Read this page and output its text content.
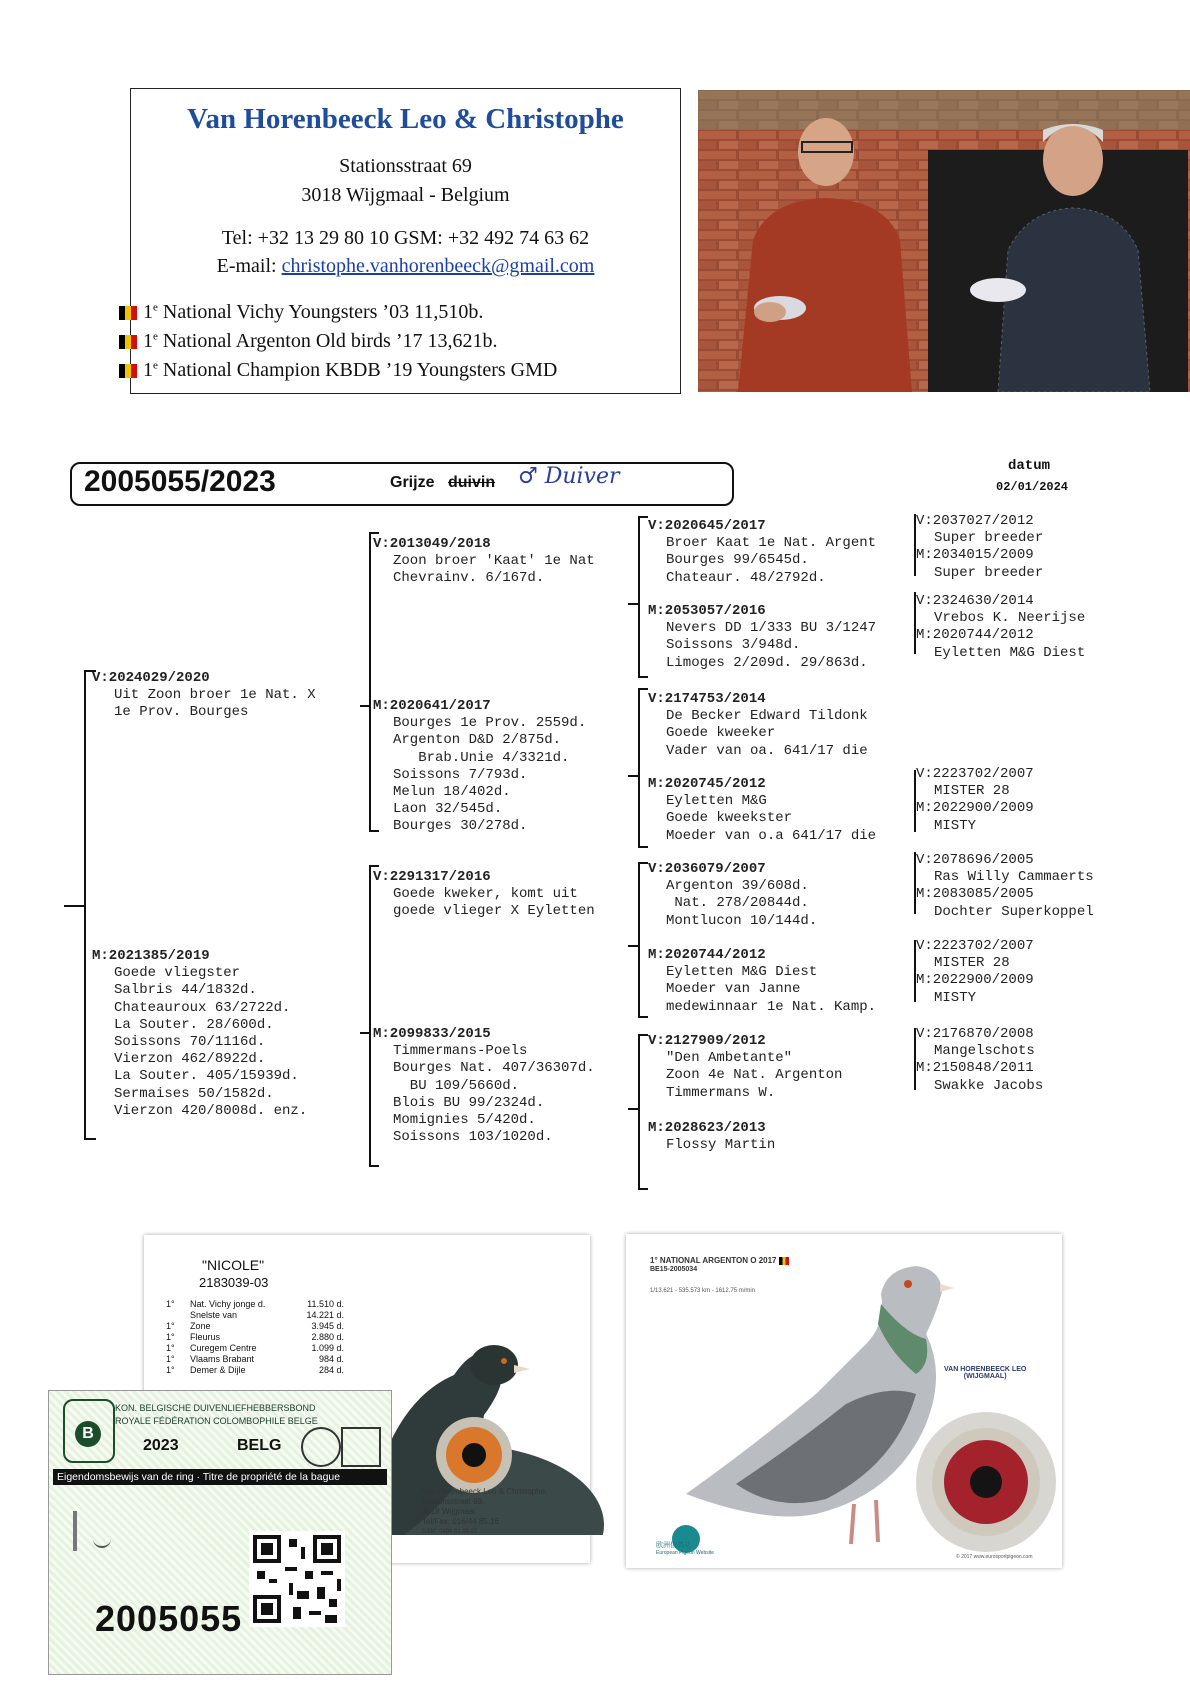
Van Horenbeeck Leo & Christophe
Stationsstraat 69
3018 Wijgmaal - Belgium
Tel: +32 13 29 80 10 GSM: +32 492 74 63 62
E-mail: christophe.vanhorenbeeck@gmail.com
1e National Vichy Youngsters ’03 11,510b.
1e National Argenton Old birds ’17 13,621b.
1e National Champion KBDB ’19 Youngsters GMD
2005055/2023	Grijze duivin ♂ Duiver	datum
02/01/2024
V:2024029/2020

Uit Zoon broer 1e Nat. X
1e Prov. Bourges
M:2021385/2019

Goede vliegster
Salbris 44/1832d.
Chateauroux 63/2722d.
La Souter. 28/600d.
Soissons 70/1116d.
Vierzon 462/8922d.
La Souter. 405/15939d.
Sermaises 50/1582d.
Vierzon 420/8008d. enz.
V:2013049/2018

Zoon broer 'Kaat' 1e Nat
Chevrainv. 6/167d.
M:2020641/2017

Bourges 1e Prov. 2559d.
Argenton D&D 2/875d.
Brab.Unie 4/3321d.
Soissons 7/793d.
Melun 18/402d.
Laon 32/545d.
Bourges 30/278d.
V:2291317/2016

Goede kweker, komt uit
goede vlieger X Eyletten
M:2099833/2015

Timmermans-Poels
Bourges Nat. 407/36307d.
BU 109/5660d.
Blois BU 99/2324d.
Momignies 5/420d.
Soissons 103/1020d.
V:2020645/2017

Broer Kaat 1e Nat. Argent
Bourges 99/6545d.
Chateaur. 48/2792d.
M:2053057/2016

Nevers DD 1/333 BU 3/1247
Soissons 3/948d.
Limoges 2/209d. 29/863d.
V:2174753/2014

De Becker Edward Tildonk
Goede kweeker
Vader van oa. 641/17 die
M:2020745/2012

Eyletten M&G
Goede kweekster
Moeder van o.a 641/17 die
V:2036079/2007

Argenton 39/608d.
Nat. 278/20844d.
Montlucon 10/144d.
M:2020744/2012

Eyletten M&G Diest
Moeder van Janne
medewinnaar 1e Nat. Kamp.
V:2127909/2012

"Den Ambetante"
Zoon 4e Nat. Argenton
Timmermans W.
M:2028623/2013

Flossy Martin
V:2037027/2012
Super breeder
M:2034015/2009
Super breeder
V:2324630/2014
Vrebos K. Neerijse
M:2020744/2012
Eyletten M&G Diest
V:2223702/2007
MISTER 28
M:2022900/2009
MISTY
V:2078696/2005
Ras Willy Cammaerts
M:2083085/2005
Dochter Superkoppel
V:2223702/2007
MISTER 28
M:2022900/2009
MISTY
V:2176870/2008
Mangelschots
M:2150848/2011
Swakke Jacobs
"NICOLE"
2183039-03
1°	Nat. Vichy jonge d.	11.510 d.
Snelste van	14.221 d.
1°	Zone	3.945 d.
1°	Fleurus	2.880 d.
1°	Curegem Centre	1.099 d.
1°	Vlaams Brabant	984 d.
1°	Demer & Dijle	284 d.
Van Horenbeeck Leo & Christophe,
Stationsstraat 69,
3018 Wijgmaal.
Tel/Fax: 016/44.85.16
GSM: 0498 61.95.87
1° NATIONAL ARGENTON O 2017
BE15-2005034
1/13.621 - 535.573 km - 1612.75 m/min
VAN HORENBEECK LEO
(WIJGMAAL)
欧洲信鸽站
European Pigeon Website
© 2017 www.eurosportpigeon.com
B
KON. BELGISCHE DUIVENLIEFHEBBERSBOND
ROYALE FÉDÉRATION COLOMBOPHILE BELGE
2023	BELG
Eigendomsbewijs van de ring · Titre de propriété de la bague
2005055
